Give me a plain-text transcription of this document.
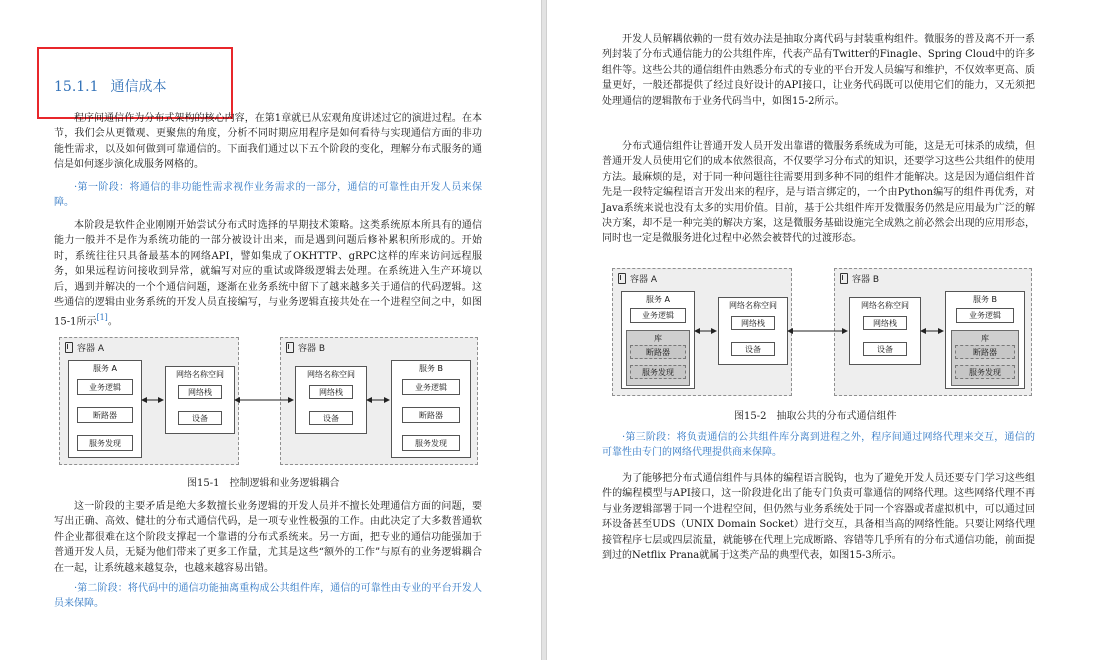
15.1.1 通信成本

程序间通信作为分布式架构的核心内容，在第1章就已从宏观角度讲述过它的演进过程。在本节，我们会从更微观、更聚焦的角度，分析不同时期应用程序是如何看待与实现通信方面的非功能性需求，以及如何做到可靠通信的。下面我们通过以下五个阶段的变化，理解分布式服务的通信是如何逐步演化成服务网格的。

·第一阶段：将通信的非功能性需求视作业务需求的一部分，通信的可靠性由开发人员来保障。

本阶段是软件企业刚刚开始尝试分布式时选择的早期技术策略。这类系统原本所具有的通信能力一般并不是作为系统功能的一部分被设计出来，而是遇到问题后修补累积所形成的。开始时，系统往往只具备最基本的网络API，譬如集成了OKHTTP、gRPC这样的库来访问远程服务，如果远程访问接收到异常，就编写对应的重试或降级逻辑去处理。在系统进入生产环境以后，遇到并解决的一个个通信问题，逐渐在业务系统中留下了越来越多关于通信的代码逻辑。这些通信的逻辑由业务系统的开发人员直接编写，与业务逻辑直接共处在一个进程空间之中，如图15-1所示[1]。

容器 A
服务 A
业务逻辑
断路器
服务发现
网络名称空间
网络栈
设备
容器 B
网络名称空间
网络栈
设备
服务 B
业务逻辑
断路器
服务发现
图15-1　控制逻辑和业务逻辑耦合

这一阶段的主要矛盾是绝大多数擅长业务逻辑的开发人员并不擅长处理通信方面的问题，要写出正确、高效、健壮的分布式通信代码，是一项专业性极强的工作。由此决定了大多数普通软件企业都很难在这个阶段支撑起一个靠谱的分布式系统来。另一方面，把专业的通信功能强加于普通开发人员，无疑为他们带来了更多工作量，尤其是这些“额外的工作”与原有的业务逻辑耦合在一起，让系统越来越复杂，也越来越容易出错。

·第二阶段：将代码中的通信功能抽离重构成公共组件库，通信的可靠性由专业的平台开发人员来保障。

开发人员解耦依赖的一贯有效办法是抽取分离代码与封装重构组件。微服务的普及离不开一系列封装了分布式通信能力的公共组件库，代表产品有Twitter的Finagle、Spring Cloud中的许多组件等。这些公共的通信组件由熟悉分布式的专业的平台开发人员编写和维护，不仅效率更高、质量更好，一般还都提供了经过良好设计的API接口，让业务代码既可以使用它们的能力，又无须把处理通信的逻辑散布于业务代码当中，如图15-2所示。

分布式通信组件让普通开发人员开发出靠谱的微服务系统成为可能，这是无可抹杀的成绩，但普通开发人员使用它们的成本依然很高，不仅要学习分布式的知识，还要学习这些公共组件的使用方法。最麻烦的是，对于同一种问题往往需要用到多种不同的组件才能解决。这是因为通信组件首先是一段特定编程语言开发出来的程序，是与语言绑定的，一个由Python编写的组件再优秀，对Java系统来说也没有太多的实用价值。目前，基于公共组件库开发微服务仍然是应用最为广泛的解决方案，却不是一种完美的解决方案，这是微服务基础设施完全成熟之前必然会出现的应用形态，同时也一定是微服务进化过程中必然会被替代的过渡形态。

容器 A
服务 A
业务逻辑
库
断路器
服务发现
网络名称空间
网络栈
设备
容器 B
网络名称空间
网络栈
设备
服务 B
业务逻辑
库
断路器
服务发现
图15-2　抽取公共的分布式通信组件

·第三阶段：将负责通信的公共组件库分离到进程之外，程序间通过网络代理来交互，通信的可靠性由专门的网络代理提供商来保障。

为了能够把分布式通信组件与具体的编程语言脱钩，也为了避免开发人员还要专门学习这些组件的编程模型与API接口，这一阶段进化出了能专门负责可靠通信的网络代理。这些网络代理不再与业务逻辑部署于同一个进程空间，但仍然与业务系统处于同一个容器或者虚拟机中，可以通过回环设备甚至UDS（UNIX Domain Socket）进行交互，具备相当高的网络性能。只要让网络代理接管程序七层或四层流量，就能够在代理上完成断路、容错等几乎所有的分布式通信功能，前面提到过的Netflix Prana就属于这类产品的典型代表，如图15-3所示。
